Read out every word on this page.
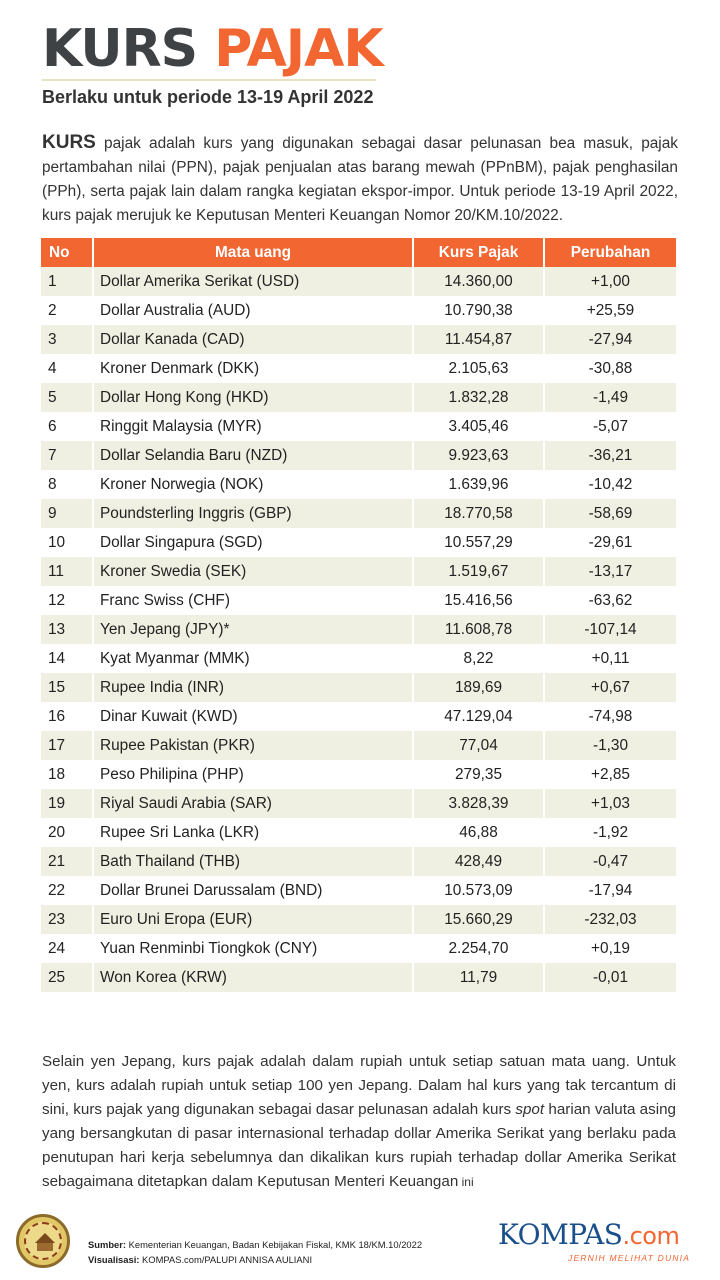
KURS PAJAK
Berlaku untuk periode 13-19 April 2022

KURS pajak adalah kurs yang digunakan sebagai dasar pelunasan bea masuk, pajak pertambahan nilai (PPN), pajak penjualan atas barang mewah (PPnBM), pajak penghasilan (PPh), serta pajak lain dalam rangka kegiatan ekspor-impor. Untuk periode 13-19 April 2022, kurs pajak merujuk ke Keputusan Menteri Keuangan Nomor 20/KM.10/2022.

No	Mata uang	Kurs Pajak	Perubahan
1	Dollar Amerika Serikat (USD)	14.360,00	+1,00
2	Dollar Australia (AUD)	10.790,38	+25,59
3	Dollar Kanada (CAD)	11.454,87	-27,94
4	Kroner Denmark (DKK)	2.105,63	-30,88
5	Dollar Hong Kong (HKD)	1.832,28	-1,49
6	Ringgit Malaysia (MYR)	3.405,46	-5,07
7	Dollar Selandia Baru (NZD)	9.923,63	-36,21
8	Kroner Norwegia (NOK)	1.639,96	-10,42
9	Poundsterling Inggris (GBP)	18.770,58	-58,69
10	Dollar Singapura (SGD)	10.557,29	-29,61
11	Kroner Swedia (SEK)	1.519,67	-13,17
12	Franc Swiss (CHF)	15.416,56	-63,62
13	Yen Jepang (JPY)*	11.608,78	-107,14
14	Kyat Myanmar (MMK)	8,22	+0,11
15	Rupee India (INR)	189,69	+0,67
16	Dinar Kuwait (KWD)	47.129,04	-74,98
17	Rupee Pakistan (PKR)	77,04	-1,30
18	Peso Philipina (PHP)	279,35	+2,85
19	Riyal Saudi Arabia (SAR)	3.828,39	+1,03
20	Rupee Sri Lanka (LKR)	46,88	-1,92
21	Bath Thailand (THB)	428,49	-0,47
22	Dollar Brunei Darussalam (BND)	10.573,09	-17,94
23	Euro Uni Eropa (EUR)	15.660,29	-232,03
24	Yuan Renminbi Tiongkok (CNY)	2.254,70	+0,19
25	Won Korea (KRW)	11,79	-0,01

Selain yen Jepang, kurs pajak adalah dalam rupiah untuk setiap satuan mata uang. Untuk yen, kurs adalah rupiah untuk setiap 100 yen Jepang. Dalam hal kurs yang tak tercantum di sini, kurs pajak yang digunakan sebagai dasar pelunasan adalah kurs spot harian valuta asing yang bersangkutan di pasar internasional terhadap dollar Amerika Serikat yang berlaku pada penutupan hari kerja sebelumnya dan dikalikan kurs rupiah terhadap dollar Amerika Serikat sebagaimana ditetapkan dalam Keputusan Menteri Keuangan ini

Sumber: Kementerian Keuangan, Badan Kebijakan Fiskal, KMK 18/KM.10/2022
Visualisasi: KOMPAS.com/PALUPI ANNISA AULIANI
KOMPAS.com
JERNIH MELIHAT DUNIA
